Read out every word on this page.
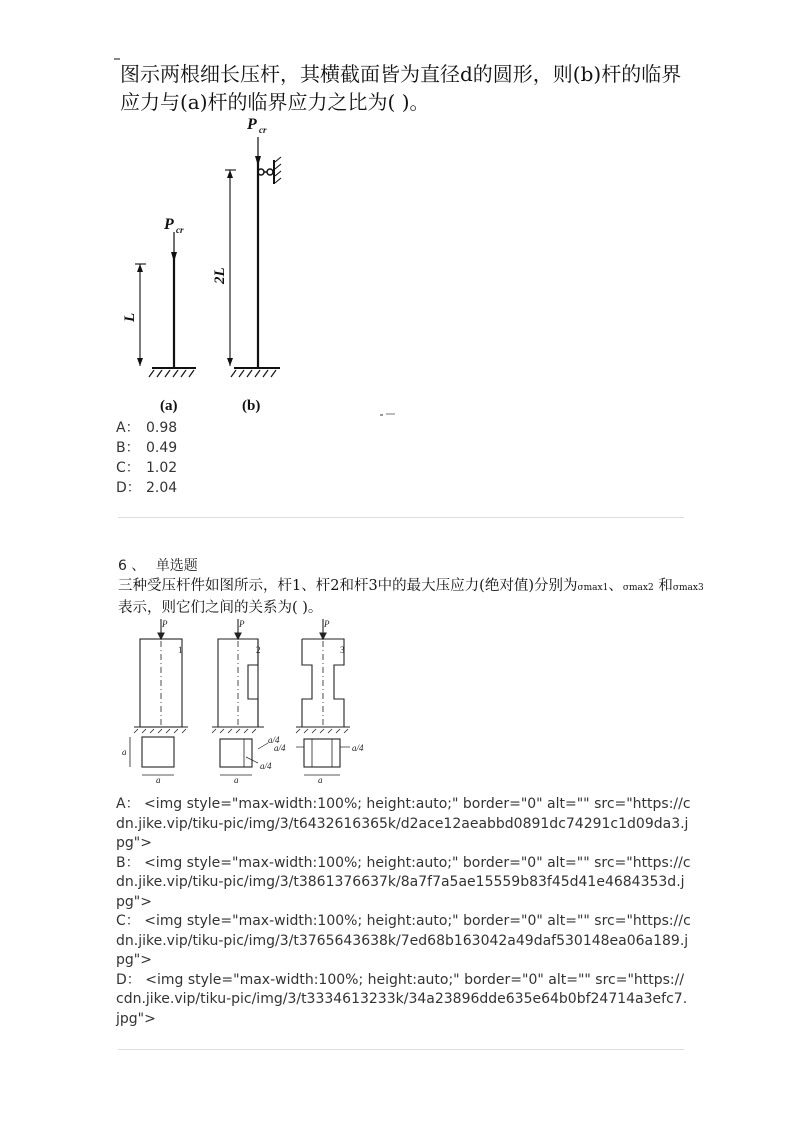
图示两根细长压杆，其横截面皆为直径d的圆形，则(b)杆的临界
应力与(a)杆的临界应力之比为( )。
P cr
L
(a)
P cr
2L
(b)
A： 0.98
B： 0.49
C： 1.02
D： 2.04
6 、 单选题
三种受压杆件如图所示，杆1、杆2和杆3中的最大压应力(绝对值)分别为σmax1、σmax2 和σmax3
表示，则它们之间的关系为( )。
P
1
a
a
P
2
a/4
a/4
a
P
3
a/4	a/4
a
A： <img style="max-width:100%; height:auto;" border="0" alt="" src="https://cdn.jike.vip/tiku-pic/img/3/t6432616365k/d2ace12aeabbd0891dc74291c1d09da3.jpg">
B： <img style="max-width:100%; height:auto;" border="0" alt="" src="https://cdn.jike.vip/tiku-pic/img/3/t3861376637k/8a7f7a5ae15559b83f45d41e4684353d.jpg">
C： <img style="max-width:100%; height:auto;" border="0" alt="" src="https://cdn.jike.vip/tiku-pic/img/3/t3765643638k/7ed68b163042a49daf530148ea06a189.jpg">
D： <img style="max-width:100%; height:auto;" border="0" alt="" src="https://cdn.jike.vip/tiku-pic/img/3/t3334613233k/34a23896dde635e64b0bf24714a3efc7.jpg">
